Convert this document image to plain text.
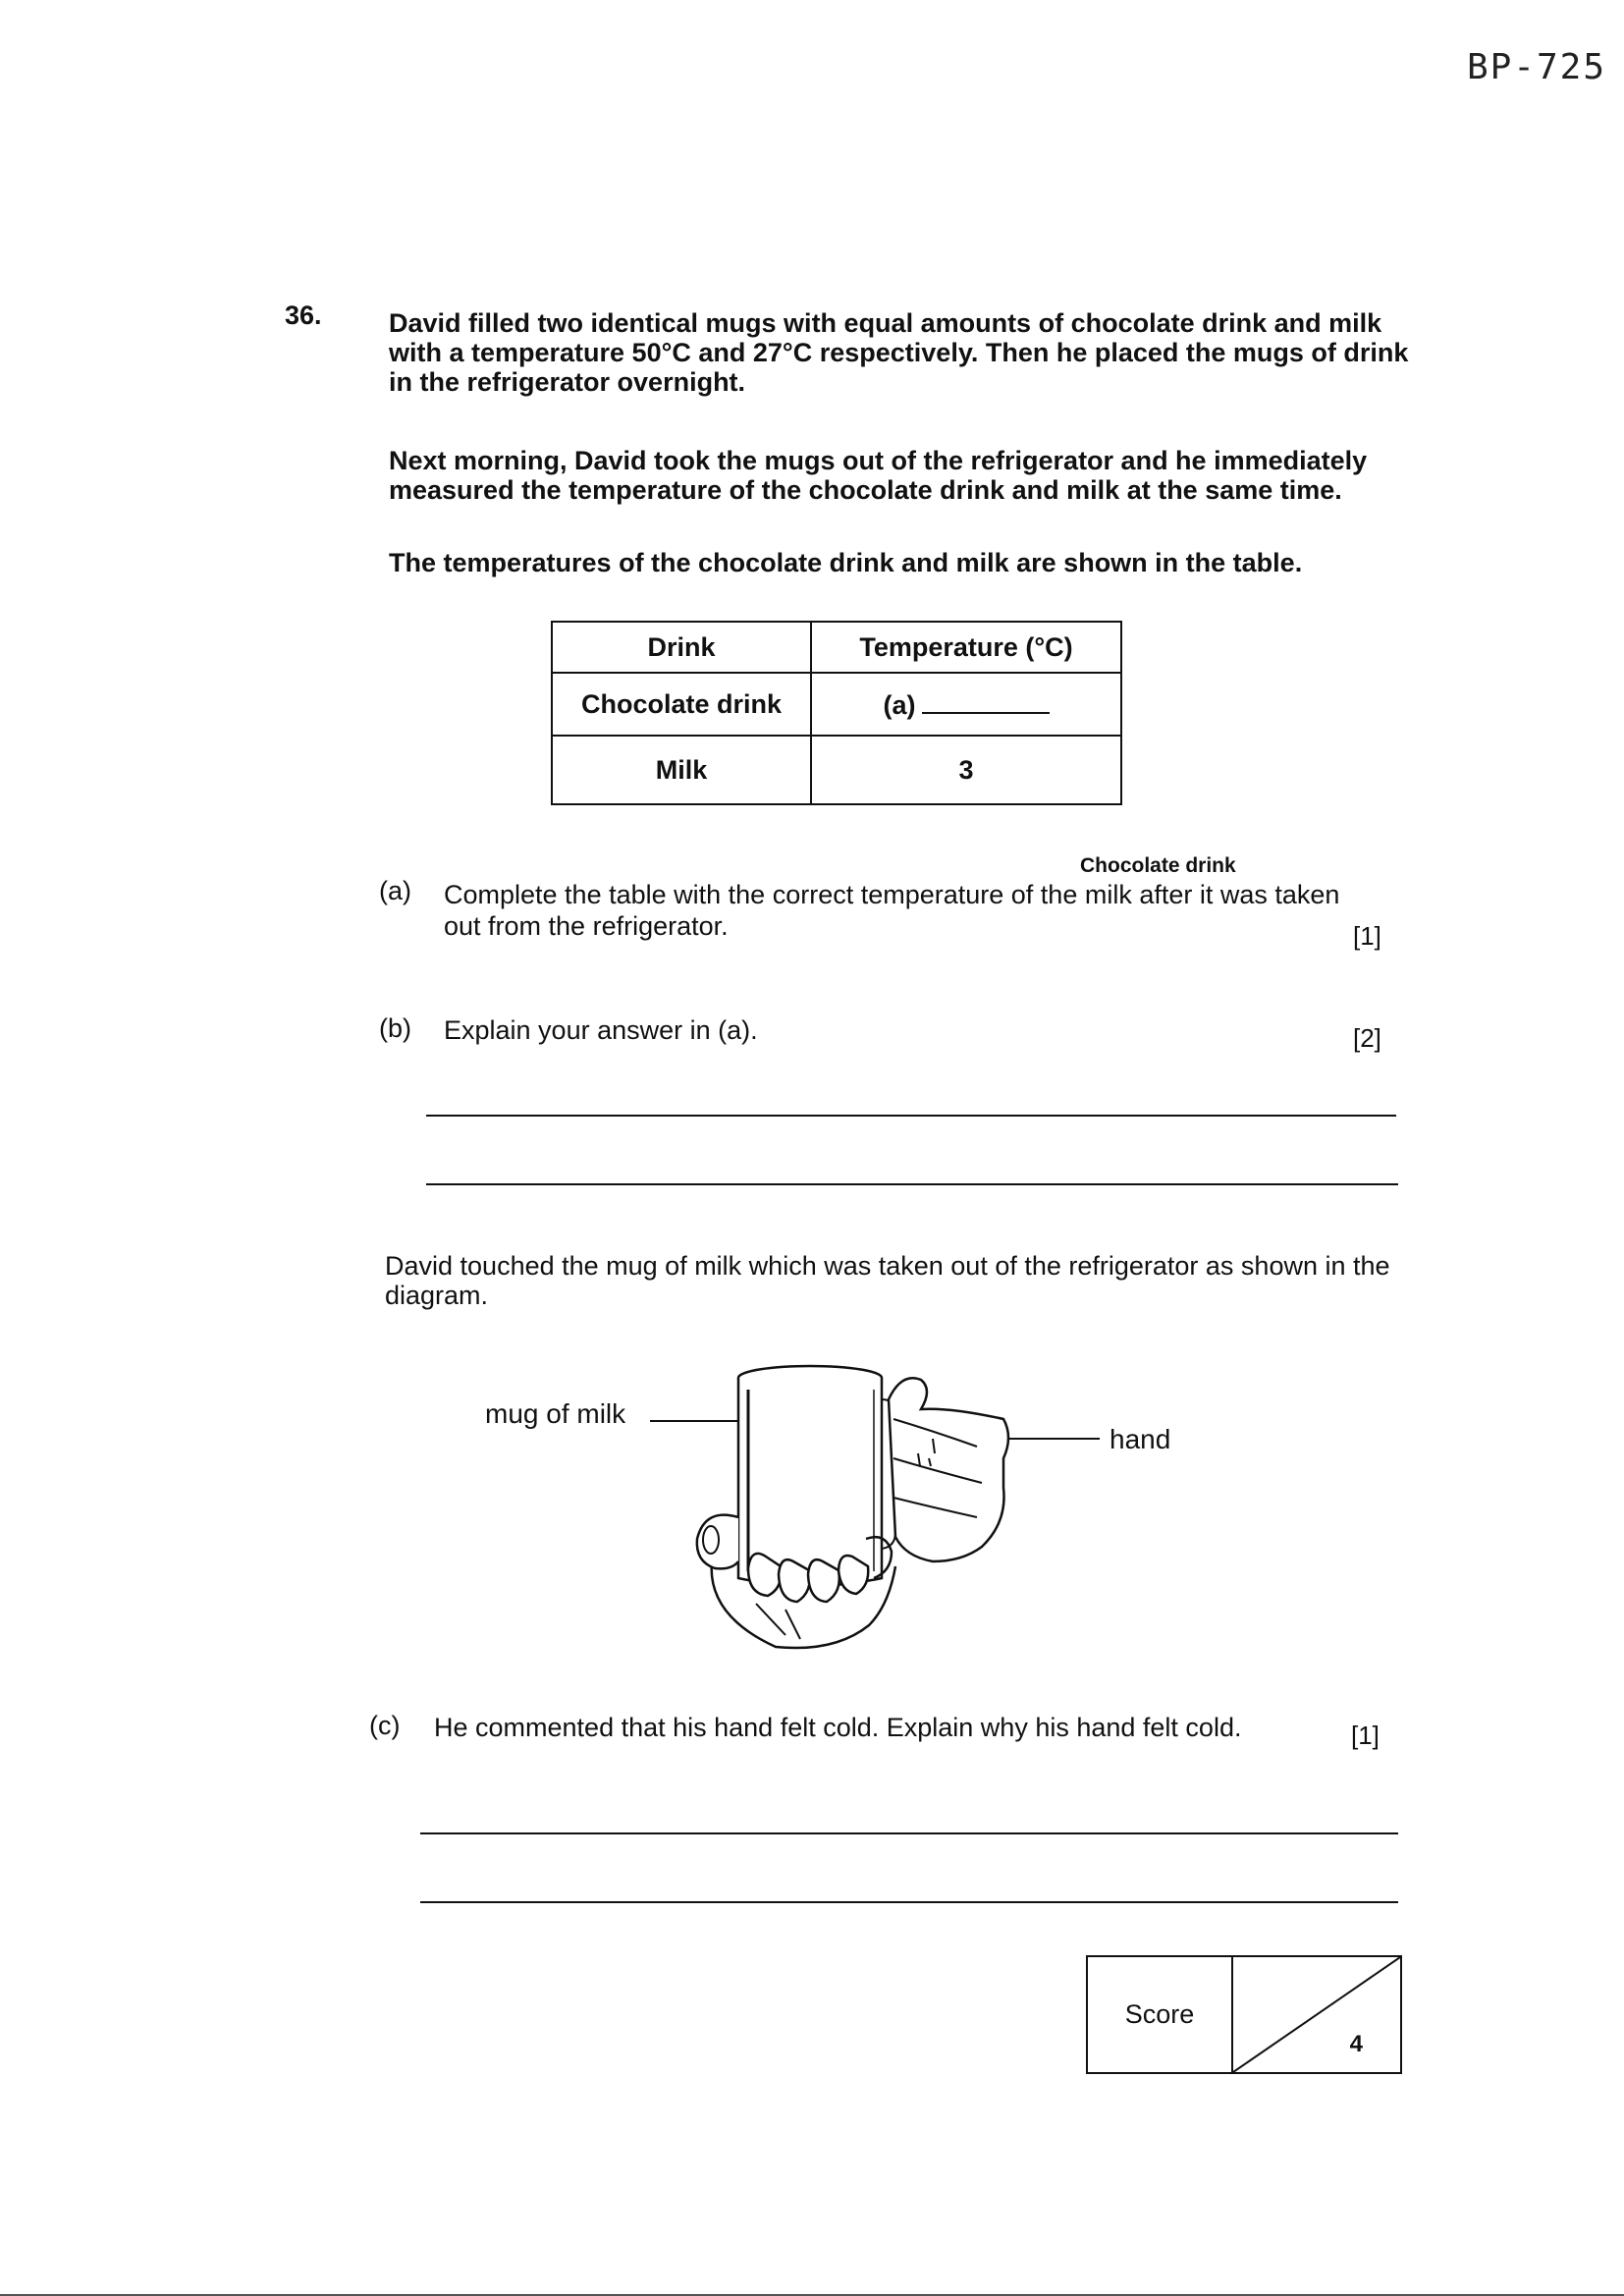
BP-725
36.	David filled two identical mugs with equal amounts of chocolate drink and milk with a temperature 50°C and 27°C respectively. Then he placed the mugs of drink in the refrigerator overnight.
Next morning, David took the mugs out of the refrigerator and he immediately measured the temperature of the chocolate drink and milk at the same time.
The temperatures of the chocolate drink and milk are shown in the table.
Drink	Temperature (°C)
Chocolate drink	(a)
Milk	3
Chocolate drink
(a) Complete the table with the correct temperature of the milk after it was taken
out from the refrigerator.	[1]
(b) Explain your answer in (a).	[2]
David touched the mug of milk which was taken out of the refrigerator as shown in the diagram.
mug of milk
hand
(c) He commented that his hand felt cold. Explain why his hand felt cold.	[1]
Score
4
